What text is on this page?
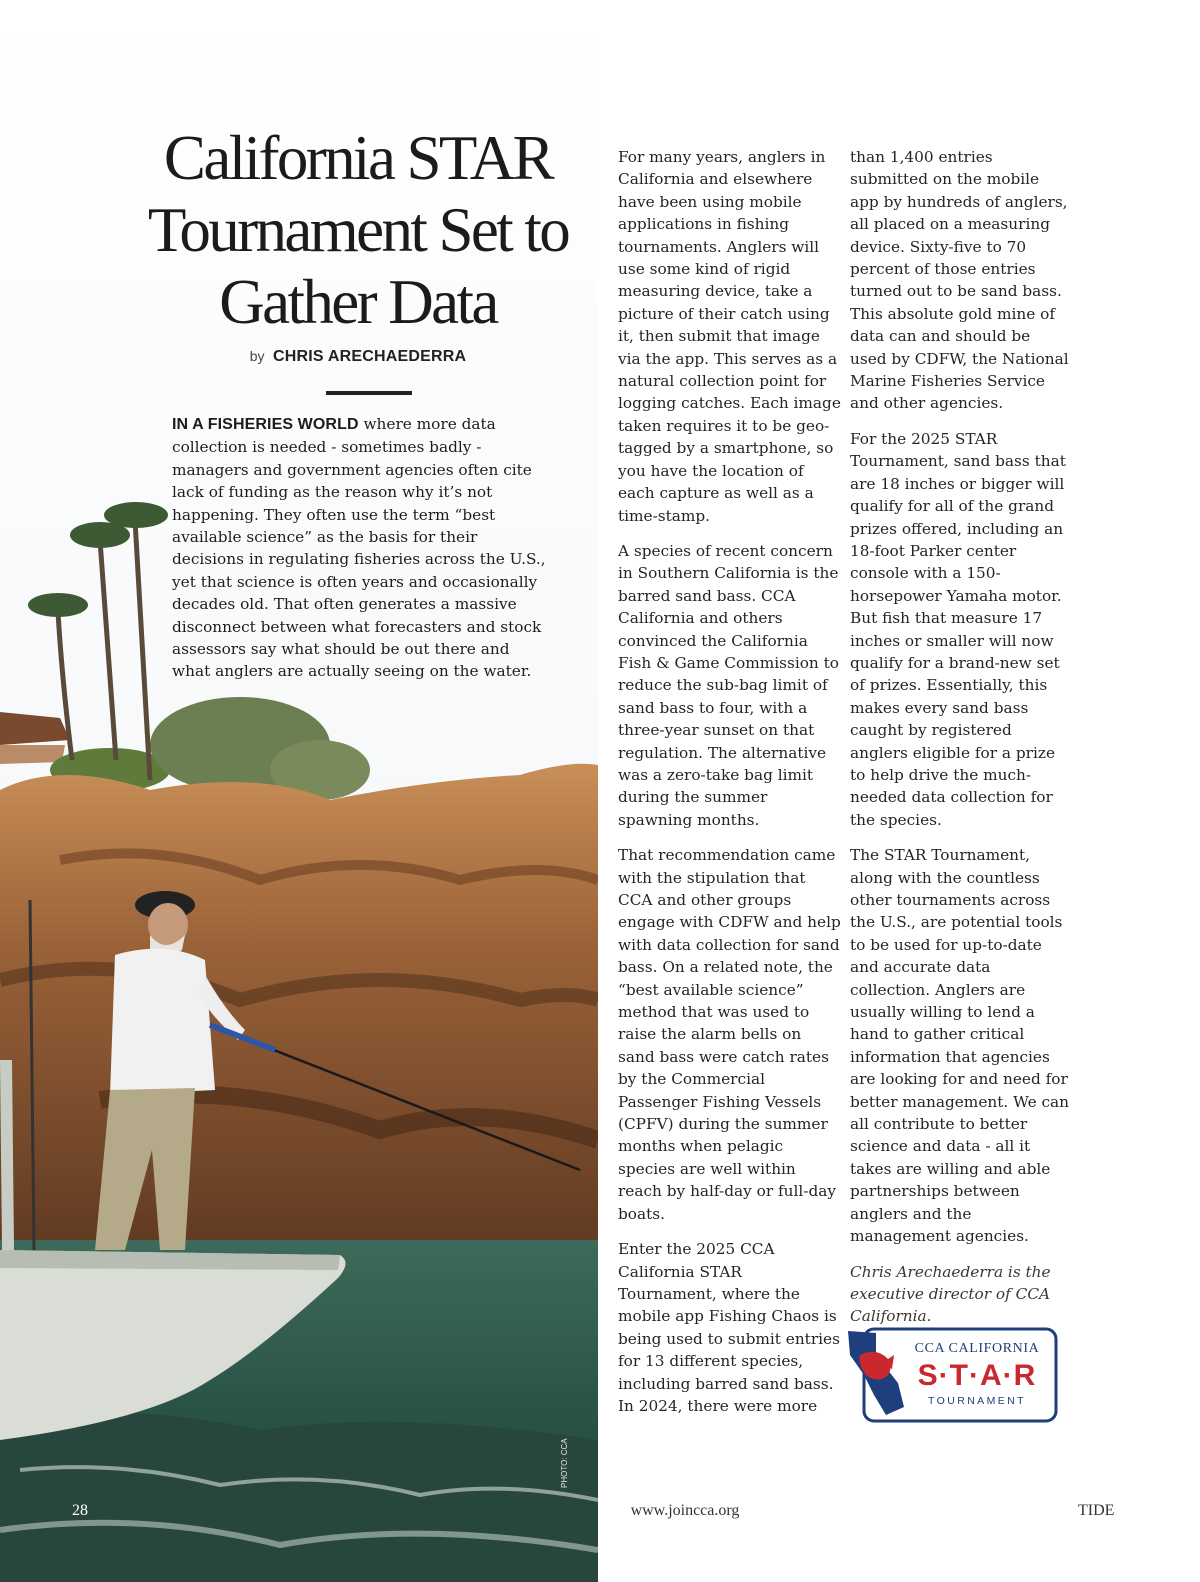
California STAR Tournament Set to Gather Data
by CHRIS ARECHAEDERRA

IN A FISHERIES WORLD where more data collection is needed - sometimes badly - managers and government agencies often cite lack of funding as the reason why it’s not happening. They often use the term “best available science” as the basis for their decisions in regulating fisheries across the U.S., yet that science is often years and occasionally decades old. That often generates a massive disconnect between what forecasters and stock assessors say what should be out there and what anglers are actually seeing on the water.

For many years, anglers in California and elsewhere have been using mobile applications in fishing tournaments. Anglers will use some kind of rigid measuring device, take a picture of their catch using it, then submit that image via the app. This serves as a natural collection point for logging catches. Each image taken requires it to be geo-tagged by a smartphone, so you have the location of each capture as well as a time-stamp.

A species of recent concern in Southern California is the barred sand bass. CCA California and others convinced the California Fish & Game Commission to reduce the sub-bag limit of sand bass to four, with a three-year sunset on that regulation. The alternative was a zero-take bag limit during the summer spawning months.

That recommendation came with the stipulation that CCA and other groups engage with CDFW and help with data collection for sand bass. On a related note, the “best available science” method that was used to raise the alarm bells on sand bass were catch rates by the Commercial Passenger Fishing Vessels (CPFV) during the summer months when pelagic species are well within reach by half-day or full-day boats.

Enter the 2025 CCA California STAR Tournament, where the mobile app Fishing Chaos is being used to submit entries for 13 different species, including barred sand bass. In 2024, there were more

than 1,400 entries submitted on the mobile app by hundreds of anglers, all placed on a measuring device. Sixty-five to 70 percent of those entries turned out to be sand bass. This absolute gold mine of data can and should be used by CDFW, the National Marine Fisheries Service and other agencies.

For the 2025 STAR Tournament, sand bass that are 18 inches or bigger will qualify for all of the grand prizes offered, including an 18-foot Parker center console with a 150-horsepower Yamaha motor. But fish that measure 17 inches or smaller will now qualify for a brand-new set of prizes. Essentially, this makes every sand bass caught by registered anglers eligible for a prize to help drive the much-needed data collection for the species.

The STAR Tournament, along with the countless other tournaments across the U.S., are potential tools to be used for up-to-date and accurate data collection. Anglers are usually willing to lend a hand to gather critical information that agencies are looking for and need for better management. We can all contribute to better science and data - all it takes are willing and able partnerships between anglers and the management agencies.

Chris Arechaederra is the executive director of CCA California.

CCA CALIFORNIA
S·T·A·R
TOURNAMENT
PHOTO: CCA
28	www.joincca.org	TIDE
